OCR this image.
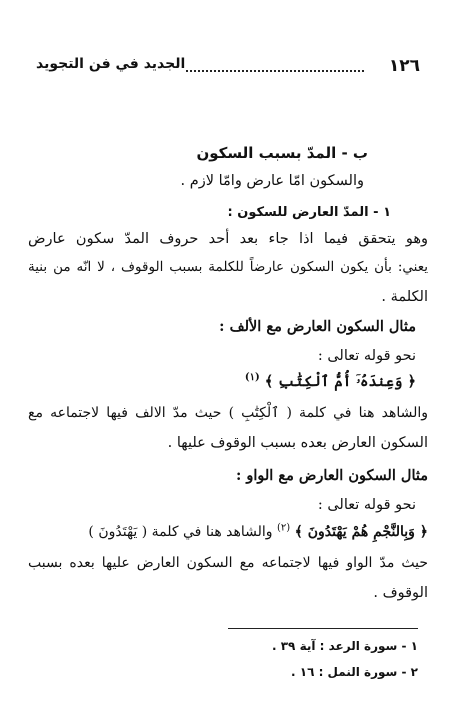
١٢٦
الجديد في فن التجويد
ب - المدّ بسبب السكون
والسكون امّا عارض وامّا لازم .
١ - المدّ العارض للسكون :
وهو يتحقق فيما اذا جاء بعد أحد حروف المدّ سكون عارض
يعني: بأن يكون السكون عارضاً للكلمة بسبب الوقوف ، لا انّه من بنية
الكلمة .
مثال السكون العارض مع الألف :
نحو قوله تعالى :
﴿ وَعِندَهُۥٓ أُمُّ ٱلْكِتَٰبِ ﴾ $^{(١)}$
والشاهد هنا في كلمة ( ٱلْكِتَٰبِ ) حيث مدّ الالف فيها لاجتماعه مع
السكون العارض بعده بسبب الوقوف عليها .
مثال السكون العارض مع الواو :
نحو قوله تعالى :
﴿ وَبِالنَّجْمِ هُمْ يَهْتَدُونَ ﴾ $^{(٢)}$ والشاهد هنا في كلمة ( يَهْتَدُونَ )
حيث مدّ الواو فيها لاجتماعه مع السكون العارض عليها بعده بسبب
الوقوف .
١ - سورة الرعد : آية ٣٩ .
٢ - سورة النمل : ١٦ .
